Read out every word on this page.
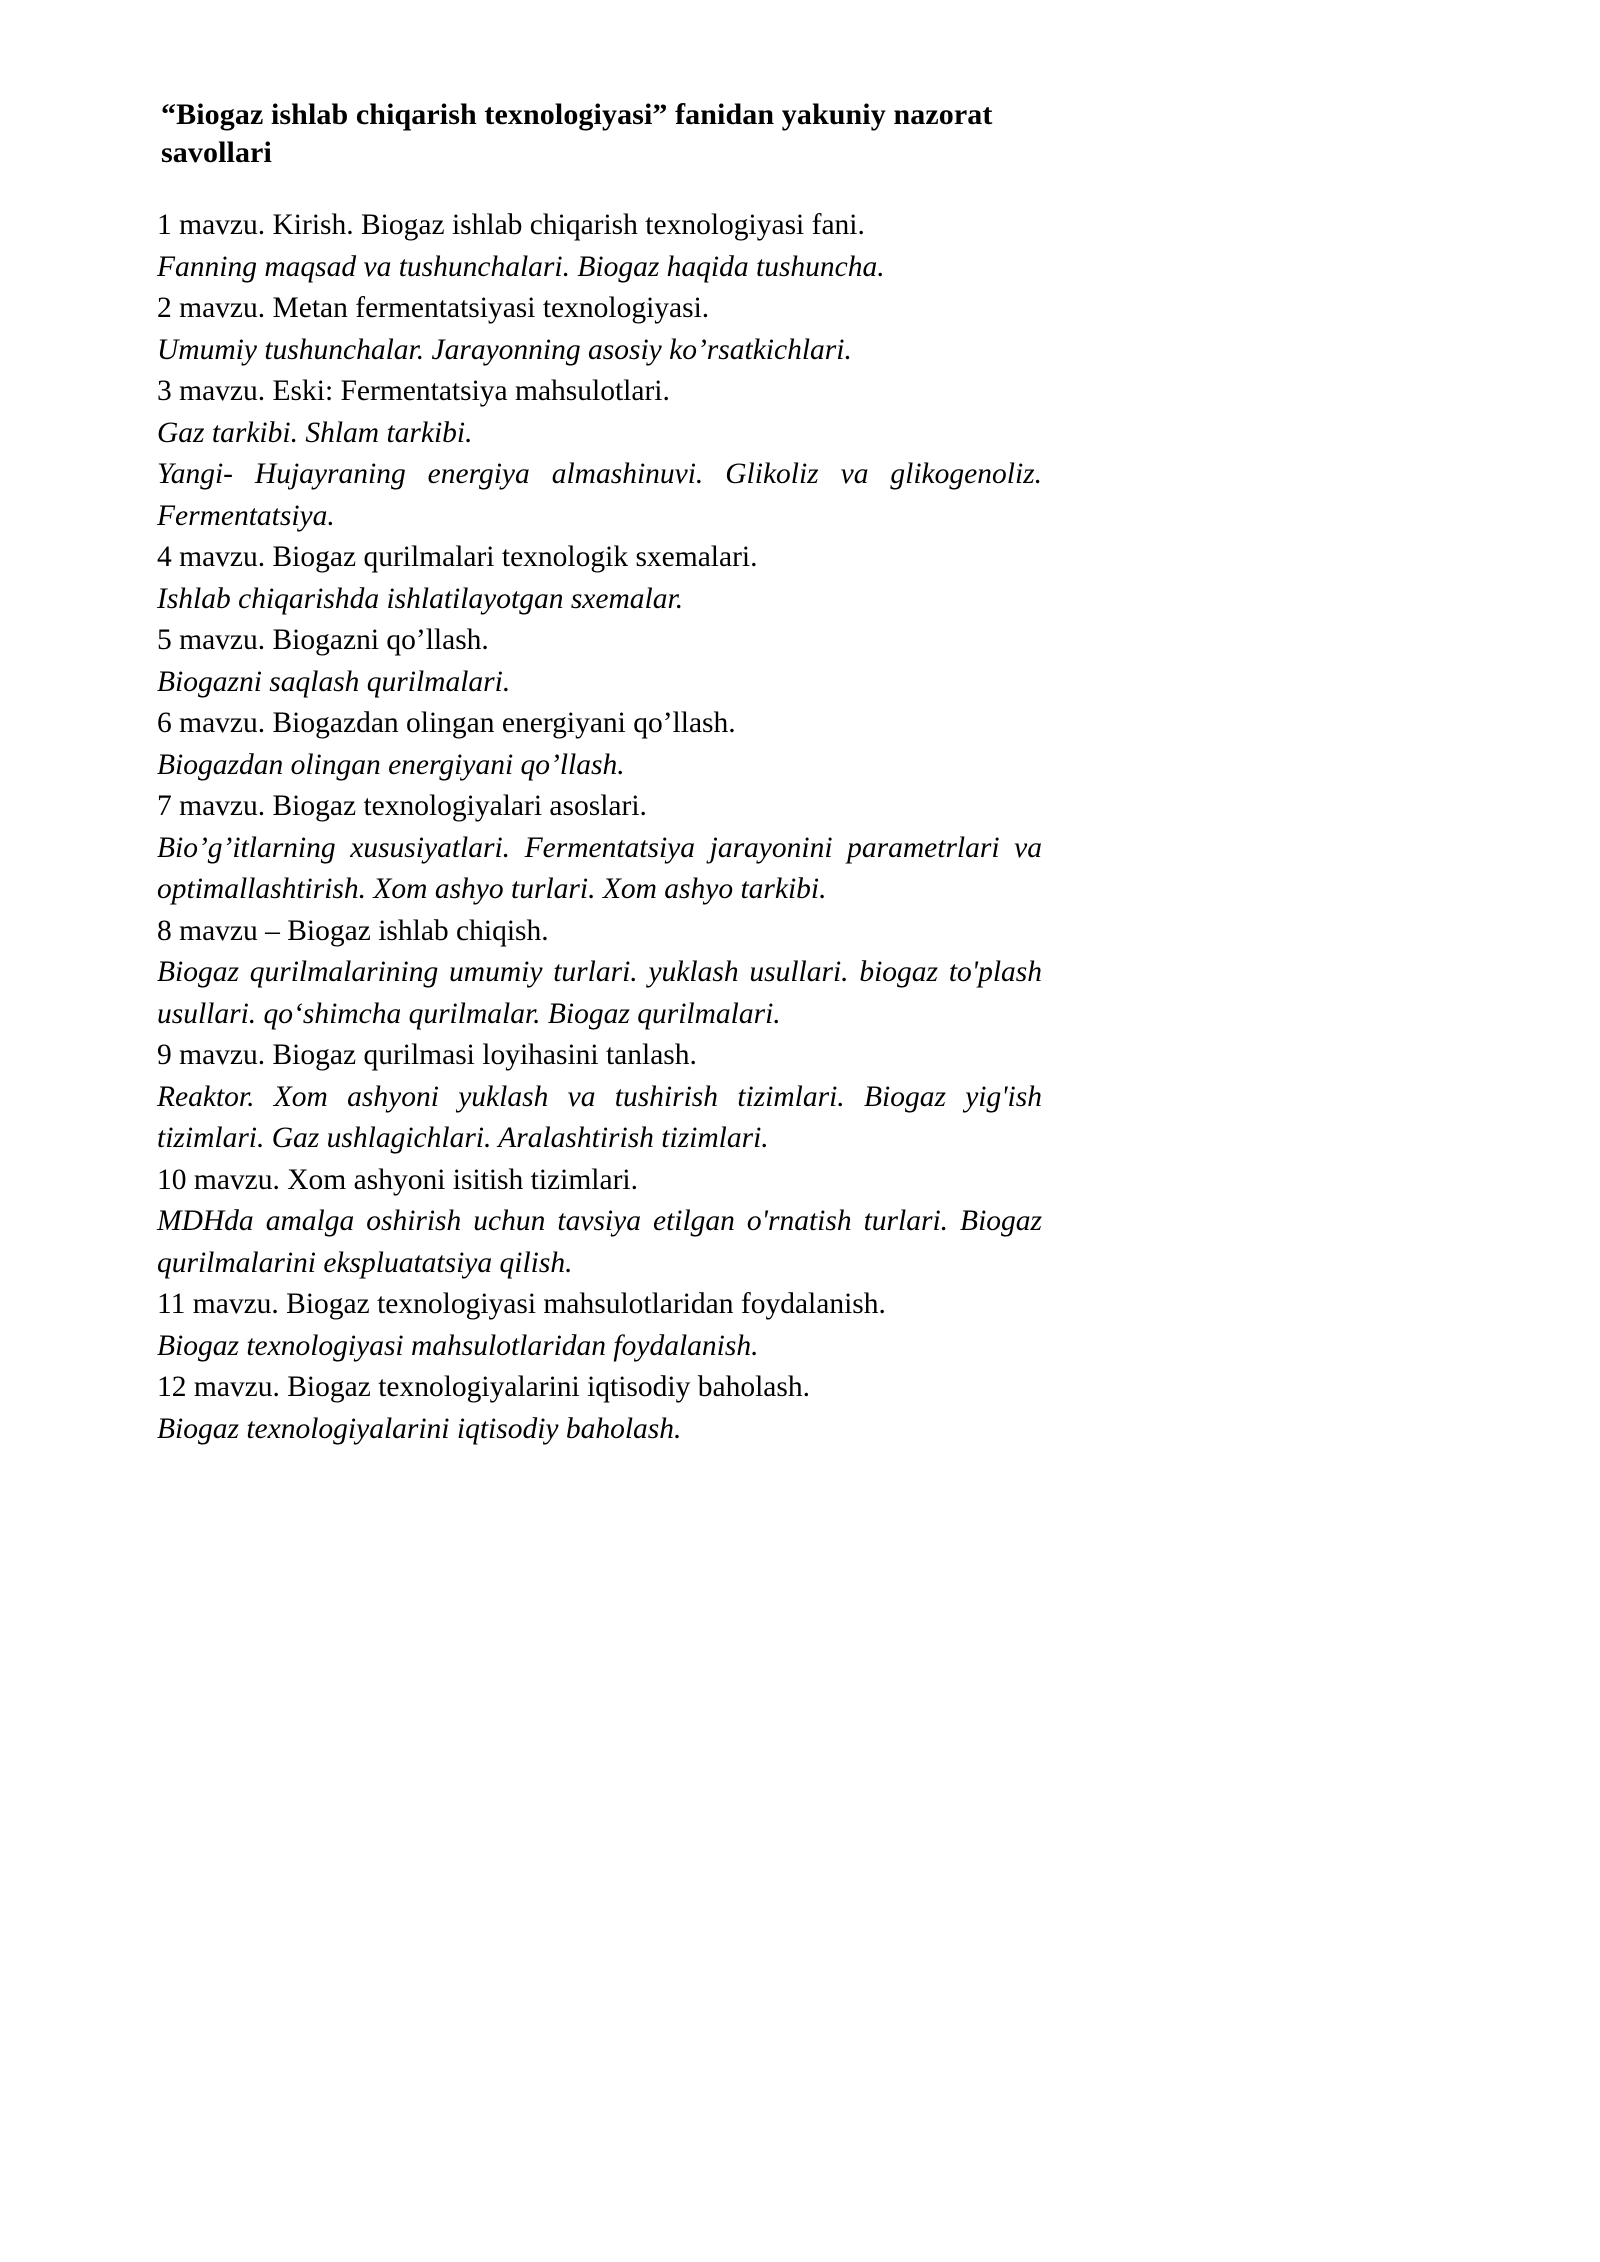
“Biogaz ishlab chiqarish texnologiyasi” fanidan yakuniy nazorat savollari

1 mavzu. Kirish. Biogaz ishlab chiqarish texnologiyasi fani.

Fanning maqsad va tushunchalari. Biogaz haqida tushuncha.

2 mavzu. Metan fermentatsiyasi texnologiyasi.

Umumiy tushunchalar. Jarayonning asosiy ko’rsatkichlari.

3 mavzu. Eski: Fermentatsiya mahsulotlari.

Gaz tarkibi. Shlam tarkibi.

Yangi- Hujayraning energiya almashinuvi. Glikoliz va glikogenoliz. Fermentatsiya.

4 mavzu. Biogaz qurilmalari texnologik sxemalari.

Ishlab chiqarishda ishlatilayotgan sxemalar.

5 mavzu. Biogazni qo’llash.

Biogazni saqlash qurilmalari.

6 mavzu. Biogazdan olingan energiyani qo’llash.

Biogazdan olingan energiyani qo’llash.

7 mavzu. Biogaz texnologiyalari asoslari.

Bio’g’itlarning xususiyatlari. Fermentatsiya jarayonini parametrlari va optimallashtirish. Xom ashyo turlari. Xom ashyo tarkibi.

8 mavzu – Biogaz ishlab chiqish.

Biogaz qurilmalarining umumiy turlari. yuklash usullari. biogaz to'plash usullari. qo‘shimcha qurilmalar. Biogaz qurilmalari.

9 mavzu. Biogaz qurilmasi loyihasini tanlash.

Reaktor. Xom ashyoni yuklash va tushirish tizimlari. Biogaz yig'ish tizimlari. Gaz ushlagichlari. Aralashtirish tizimlari.

10 mavzu. Xom ashyoni isitish tizimlari.

MDHda amalga oshirish uchun tavsiya etilgan o'rnatish turlari. Biogaz qurilmalarini ekspluatatsiya qilish.

11 mavzu. Biogaz texnologiyasi mahsulotlaridan foydalanish.

Biogaz texnologiyasi mahsulotlaridan foydalanish.

12 mavzu. Biogaz texnologiyalarini iqtisodiy baholash.

Biogaz texnologiyalarini iqtisodiy baholash.
